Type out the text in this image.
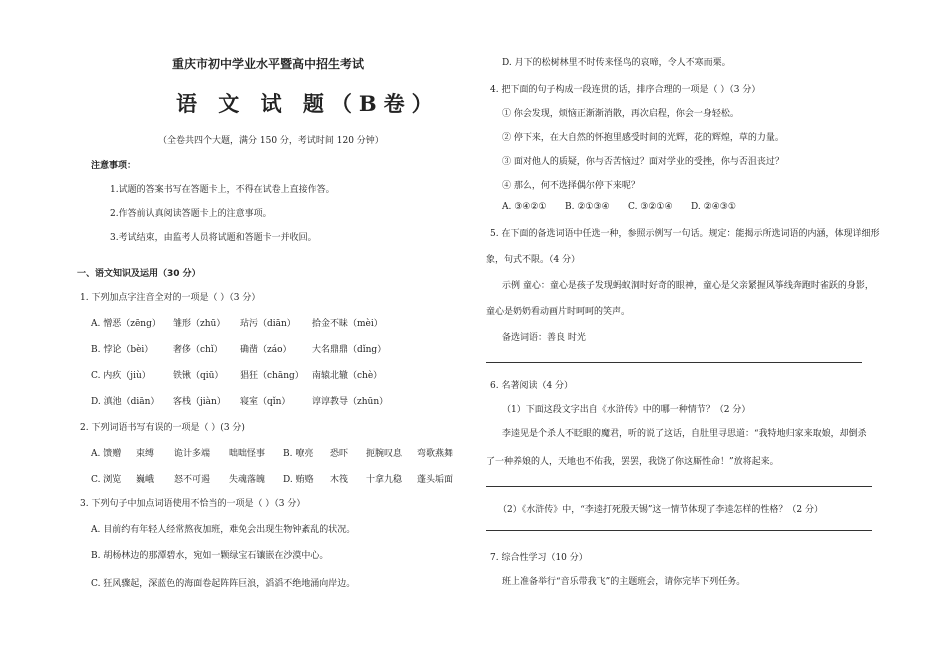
重庆市初中学业水平暨高中招生考试
语 文 试 题（B卷）
（全卷共四个大题，满分 150 分，考试时间 120 分钟）
注意事项：
1.试题的答案书写在答题卡上，不得在试卷上直接作答。
2.作答前认真阅读答题卡上的注意事项。
3.考试结束，由监考人员将试题和答题卡一并收回。
一、语文知识及运用（30 分）
1. 下列加点字注音全对的一项是（ ）（3 分）
A. 憎恶（zēng） 雏形（zhū） 玷污（diān） 拾金不昧（mèi）
B. 悖论（bèi） 奢侈（chǐ） 确凿（záo） 大名鼎鼎（dǐng）
C. 内疚（jiù） 铁锹（qiū） 猖狂（chāng） 南辕北辙（chè）
D. 滇池（diān） 客栈（jiàn） 寝室（qǐn） 谆谆教导（zhūn）
2. 下列词语书写有误的一项是（ ）(3 分)
A. 馈赠 束缚 诡计多端 咄咄怪事 B. 嘹亮 恐吓 扼腕叹息 弯歌燕舞
C. 浏览 巍峨 怒不可遏 失魂落魄 D. 贿赂 木筏 十拿九稳 蓬头垢面
3. 下列句子中加点词语使用不恰当的一项是（ ）（3 分）
A. 目前约有年轻人经常熬夜加班，难免会出现生物钟紊乱的状况。
B. 胡杨林边的那潭碧水，宛如一颗绿宝石镶嵌在沙漠中心。
C. 狂风骤起，深蓝色的海面卷起阵阵巨浪，滔滔不绝地涌向岸边。
D. 月下的松树林里不时传来怪鸟的哀啼，令人不寒而栗。
4. 把下面的句子构成一段连贯的话，排序合理的一项是（ ）（3 分）
① 你会发现，烦恼正渐渐消散，再次启程，你会一身轻松。
② 停下来，在大自然的怀抱里感受时间的光辉，花的辉煌，草的力量。
③ 面对他人的质疑，你与否苦恼过？面对学业的受挫，你与否沮丧过？
④ 那么，何不选择偶尔停下来呢？
A. ③④②① B. ②①③④ C. ③②①④ D. ②④③①
5. 在下面的备选词语中任选一种，参照示例写一句话。规定：能揭示所选词语的内涵，体现详细形
象，句式不限。（4 分）
示例 童心：童心是孩子发现蚂蚁洞时好奇的眼神，童心是父亲紧握风筝线奔跑时雀跃的身影，
童心是奶奶看动画片时呵呵的笑声。
备选词语：善良 时光
6. 名著阅读（4 分）
（1）下面这段文字出自《水浒传》中的哪一种情节？（2 分）
李逵见是个杀人不眨眼的魔君，听的说了这话，自肚里寻思道：“我特地归家来取娘，却倒杀
了一种养娘的人，天地也不佑我，罢罢，我饶了你这厮性命！”放将起来。
（2）《水浒传》中，“李逵打死殷天锡”这一情节体现了李逵怎样的性格？（2 分）
7. 综合性学习（10 分）
班上准备举行“音乐带我飞”的主题班会，请你完毕下列任务。
